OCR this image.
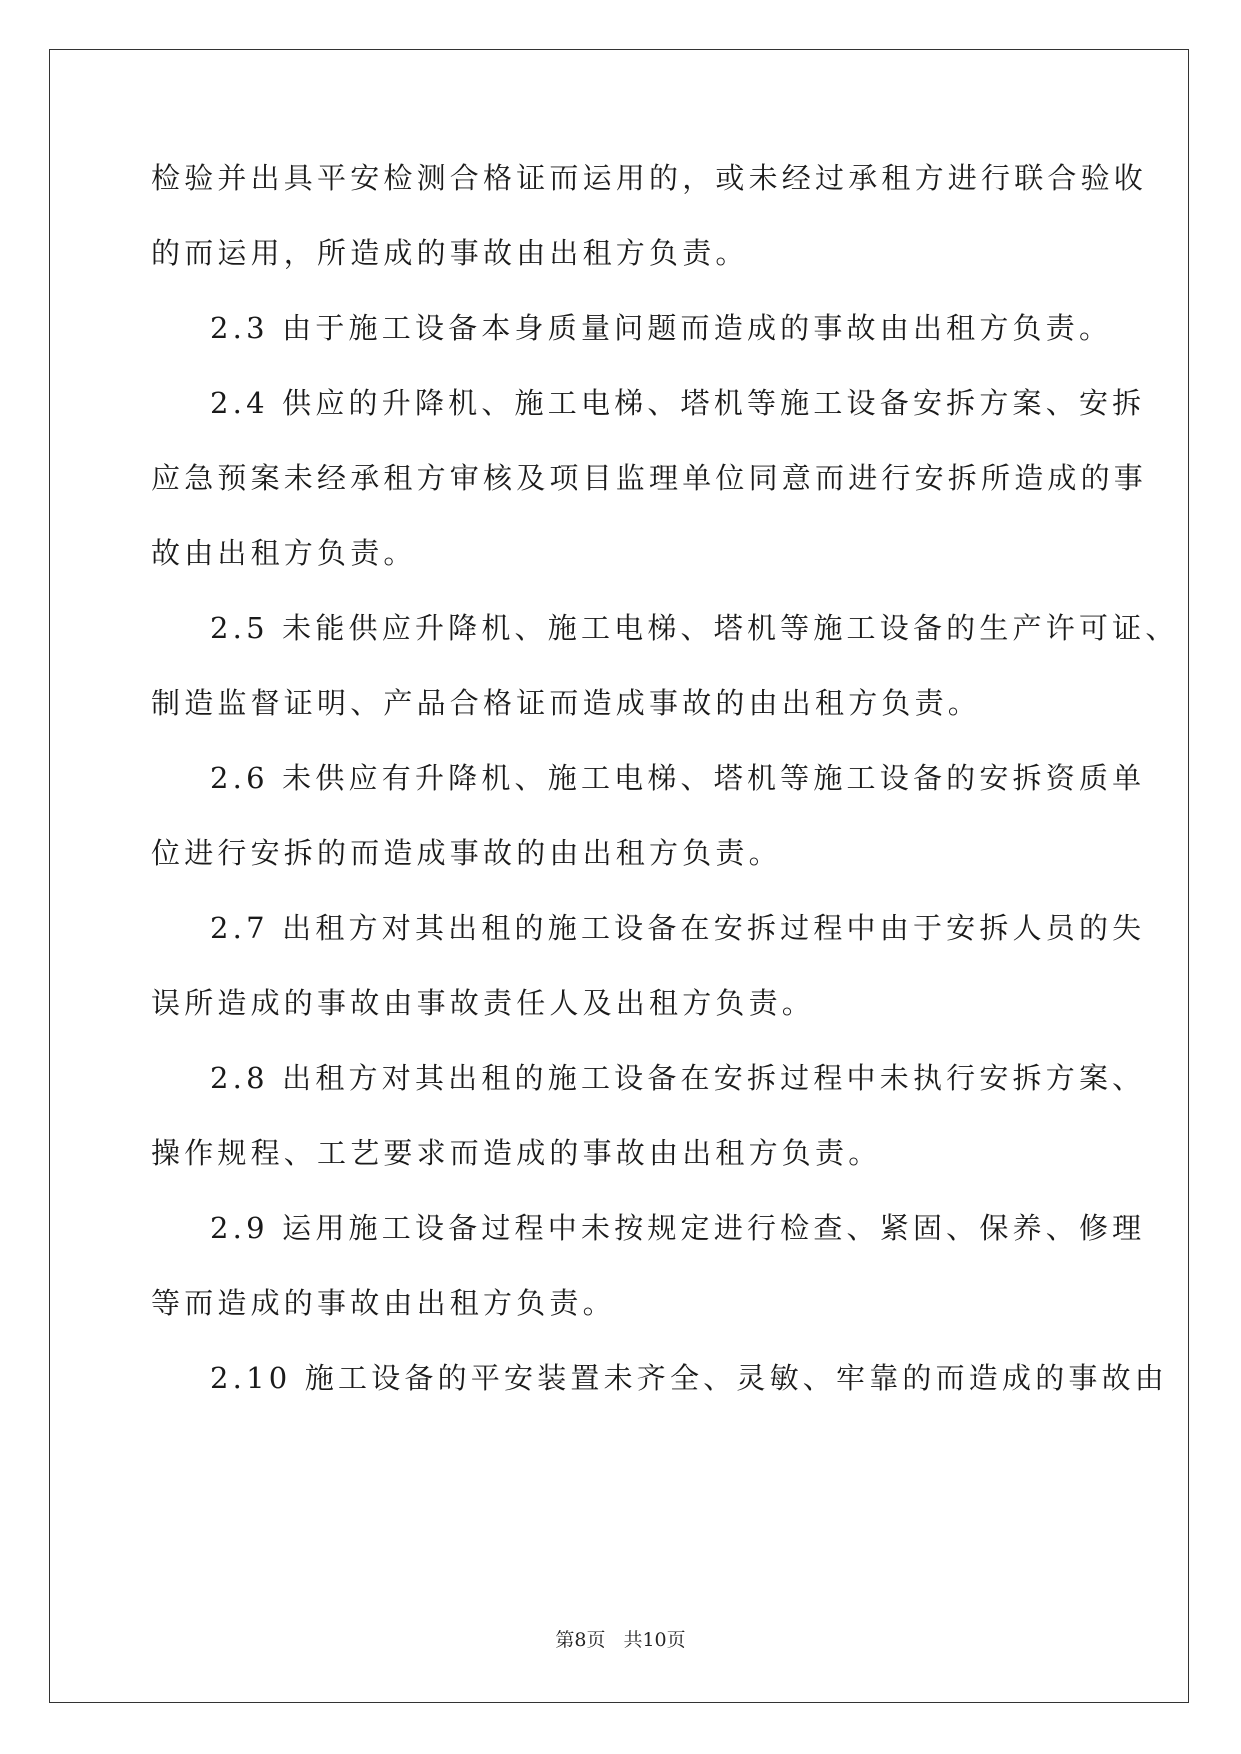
检验并出具平安检测合格证而运用的，或未经过承租方进行联合验收
的而运用，所造成的事故由出租方负责。
2.3 由于施工设备本身质量问题而造成的事故由出租方负责。
2.4 供应的升降机、施工电梯、塔机等施工设备安拆方案、安拆
应急预案未经承租方审核及项目监理单位同意而进行安拆所造成的事
故由出租方负责。
2.5 未能供应升降机、施工电梯、塔机等施工设备的生产许可证、
制造监督证明、产品合格证而造成事故的由出租方负责。
2.6 未供应有升降机、施工电梯、塔机等施工设备的安拆资质单
位进行安拆的而造成事故的由出租方负责。
2.7 出租方对其出租的施工设备在安拆过程中由于安拆人员的失
误所造成的事故由事故责任人及出租方负责。
2.8 出租方对其出租的施工设备在安拆过程中未执行安拆方案、
操作规程、工艺要求而造成的事故由出租方负责。
2.9 运用施工设备过程中未按规定进行检查、紧固、保养、修理
等而造成的事故由出租方负责。
2.10 施工设备的平安装置未齐全、灵敏、牢靠的而造成的事故由
第8页 共10页
